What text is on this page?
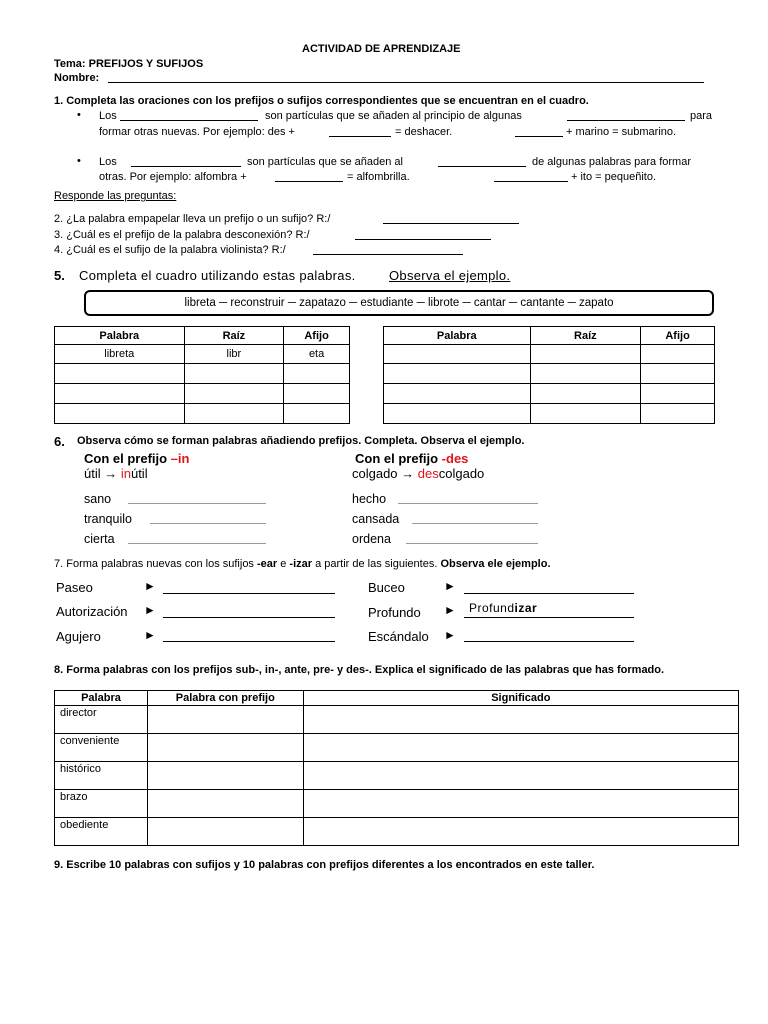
ACTIVIDAD DE APRENDIZAJE
Tema: PREFIJOS Y SUFIJOS
Nombre:
1. Completa las oraciones con los prefijos o sufijos correspondientes que se encuentran en el cuadro.
• Los	son partículas que se añaden al principio de algunas	para
formar otras nuevas. Por ejemplo: des +	= deshacer.	+ marino = submarino.
• Los	son partículas que se añaden al	de algunas palabras para formar
otras. Por ejemplo: alfombra +	= alfombrilla.	+ ito = pequeñito.
Responde las preguntas:
2. ¿La palabra empapelar lleva un prefijo o un sufijo? R:/
3. ¿Cuál es el prefijo de la palabra desconexión? R:/
4. ¿Cuál es el sufijo de la palabra violinista? R:/
5. Completa el cuadro utilizando estas palabras.	Observa el ejemplo.
libreta ─ reconstruir ─ zapatazo ─ estudiante ─ librote ─ cantar ─ cantante ─ zapato
Palabra	Raíz	Afijo
libreta	libr	eta

Palabra	Raíz	Afijo

6. Observa cómo se forman palabras añadiendo prefijos. Completa. Observa el ejemplo.
Con el prefijo –in
útil → inútil
sano
tranquilo
cierta
Con el prefijo -des
colgado → descolgado
hecho
cansada
ordena
7. Forma palabras nuevas con los sufijos -ear e -izar a partir de las siguientes. Observa ele ejemplo.
Paseo	►
Autorización ►
Agujero	►
Buceo	►
Profundo ► Profundizar
Escándalo ►
8. Forma palabras con los prefijos sub-, in-, ante, pre- y des-. Explica el significado de las palabras que has formado.
Palabra	Palabra con prefijo	Significado
director		
conveniente		
histórico		
brazo		
obediente		
9. Escribe 10 palabras con sufijos y 10 palabras con prefijos diferentes a los encontrados en este taller.
